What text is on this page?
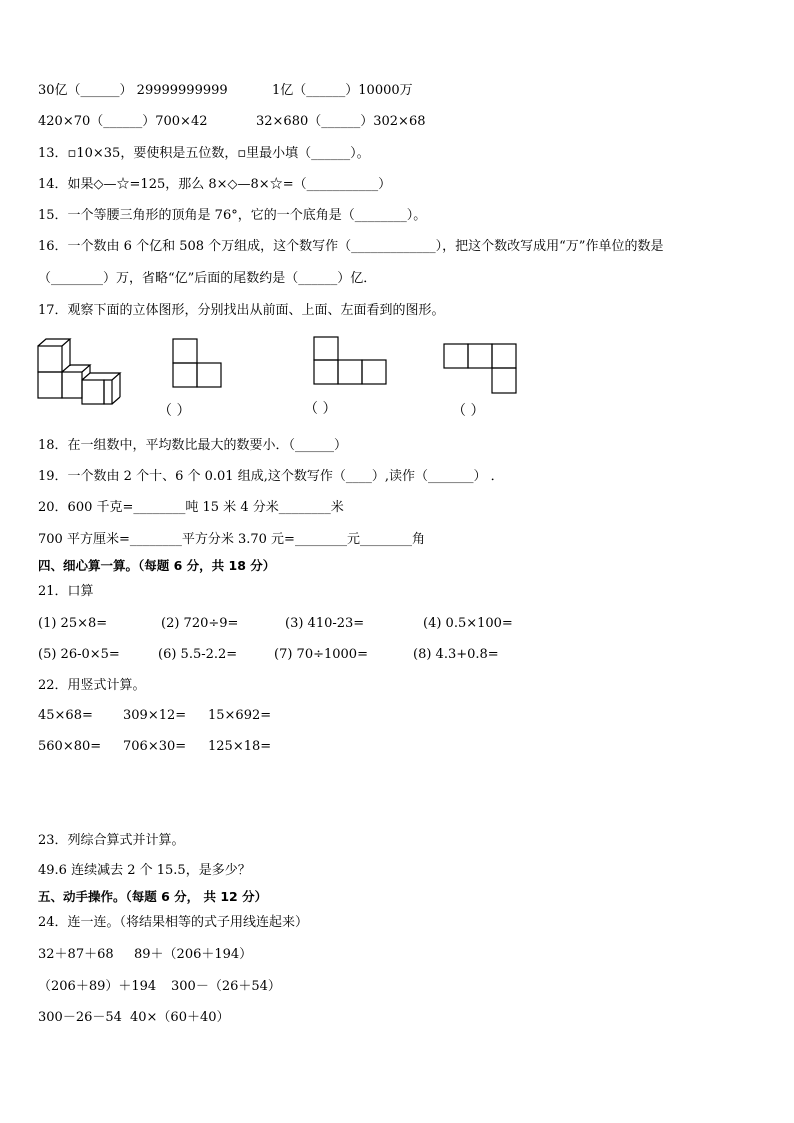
30亿（______） 29999999999	1亿（______）10000万
420×70（______）700×42	32×680（______）302×68
13．▫10×35，要使积是五位数，▫里最小填（______）。
14．如果◇—☆=125，那么 8×◇—8×☆=（___________）
15．一个等腰三角形的顶角是 76°，它的一个底角是（________）。
16．一个数由 6 个亿和 508 个万组成，这个数写作（_____________），把这个数改写成用“万”作单位的数是
（________）万，省略“亿”后面的尾数约是（______）亿．
17．观察下面的立体图形，分别找出从前面、上面、左面看到的图形。
（ ）	（ ）	（ ）
18．在一组数中，平均数比最大的数要小．（______）
19．一个数由 2 个十、6 个 0.01 组成,这个数写作（____）,读作（_______） ．
20．600 千克=________吨 15 米 4 分米________米
700 平方厘米=________平方分米 3.70 元=________元________角
四、细心算一算。（每题 6 分，共 18 分）
21．口算
(1) 25×8=	(2) 720÷9=	(3) 410-23=	(4) 0.5×100=
(5) 26-0×5=	(6) 5.5-2.2=	(7) 70÷1000=	(8) 4.3+0.8=
22．用竖式计算。
45×68= 309×12= 15×692=
560×80= 706×30= 125×18=
23．列综合算式并计算。
49.6 连续减去 2 个 15.5，是多少？
五、动手操作。（每题 6 分， 共 12 分）
24．连一连。（将结果相等的式子用线连起来）
32＋87＋68 89＋（206＋194）
（206＋89）＋194 300－（26＋54）
300－26－54 40×（60＋40）
